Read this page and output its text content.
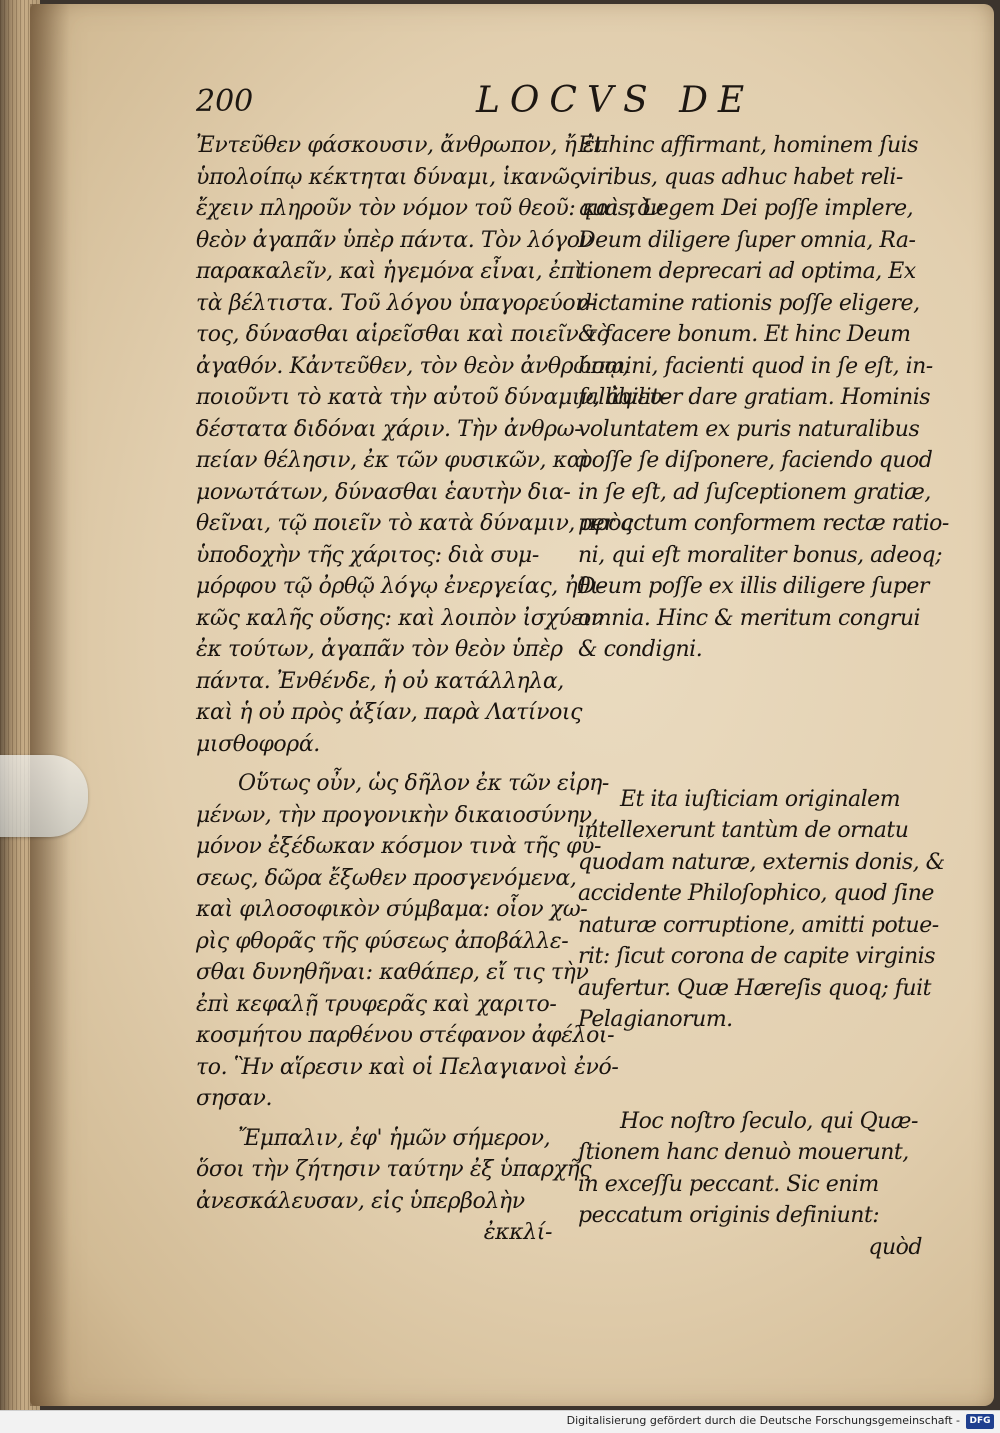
200	LOCVS DE
Ἐντεῦθεν φάσκουσιν, ἄνθρωπον, ἤ ἐπ
ὑπολοίπῳ κέκτηται δύναμι, ἱκανῶς
ἔχειν πληροῦν τὸν νόμον τοῦ θεοῦ: καὶ τὸν
θεὸν ἀγαπᾶν ὑπὲρ πάντα. Τὸν λόγον
παρακαλεῖν, καὶ ἡγεμόνα εἶναι, ἐπὶ
τὰ βέλτιστα. Τοῦ λόγου ὑπαγορεύον-
τος, δύνασθαι αἱρεῖσθαι καὶ ποιεῖν τὸ
ἀγαθόν. Κἀντεῦθεν, τὸν θεὸν ἀνθρώπῳ,
ποιοῦντι τὸ κατὰ τὴν αὐτοῦ δύναμιν, ἀψευ-
δέστατα διδόναι χάριν. Τὴν ἀνθρω-
πείαν θέλησιν, ἐκ τῶν φυσικῶν, καὶ
μονωτάτων, δύνασθαι ἑαυτὴν δια-
θεῖναι, τῷ ποιεῖν τὸ κατὰ δύναμιν, πρὸς
ὑποδοχὴν τῆς χάριτος: διὰ συμ-
μόρφου τῷ ὀρθῷ λόγῳ ἐνεργείας, ἠθι-
κῶς καλῆς οὔσης: καὶ λοιπὸν ἰσχύειν
ἐκ τούτων, ἀγαπᾶν τὸν θεὸν ὑπὲρ
πάντα. Ἐνθένδε, ἡ οὐ κατάλληλα,
καὶ ἡ οὐ πρὸς ἀξίαν, παρὰ Λατίνοις
μισθοφορά.
Οὕτως οὖν, ὡς δῆλον ἐκ τῶν εἰρη-
μένων, τὴν προγονικὴν δικαιοσύνην,
μόνον ἐξέδωκαν κόσμον τινὰ τῆς φύ-
σεως, δῶρα ἔξωθεν προσγενόμενα,
καὶ φιλοσοφικὸν σύμβαμα: οἷον χω-
ρὶς φθορᾶς τῆς φύσεως ἀποβάλλε-
σθαι δυνηθῆναι: καθάπερ, εἴ τις τὴν
ἐπὶ κεφαλῇ τρυφερᾶς καὶ χαριτο-
κοσμήτου παρθένου στέφανον ἀφέλοι-
το. Ἣν αἵρεσιν καὶ οἱ Πελαγιανοὶ ἐνό-
σησαν.
Ἔμπαλιν, ἐφ' ἡμῶν σήμερον,
ὅσοι τὴν ζήτησιν ταύτην ἐξ ὑπαρχῆς
ἀνεσκάλευσαν, εἰς ὑπερβολὴν
ἐκκλί-
Et hinc affirmant, hominem ſuis
viribus, quas adhuc habet reli-
quas, Legem Dei poſſe implere,
Deum diligere ſuper omnia, Ra-
tionem deprecari ad optima, Ex
dictamine rationis poſſe eligere,
& facere bonum. Et hinc Deum
homini, facienti quod in ſe eſt, in-
fallibiliter dare gratiam. Hominis
voluntatem ex puris naturalibus
poſſe ſe diſponere, faciendo quod
in ſe eſt, ad ſuſceptionem gratiæ,
per actum conformem rectæ ratio-
ni, qui eſt moraliter bonus, adeoq;
Deum poſſe ex illis diligere ſuper
omnia. Hinc & meritum congrui
& condigni.
Et ita iuſticiam originalem
intellexerunt tantùm de ornatu
quodam naturæ, externis donis, &
accidente Philoſophico, quod ſine
naturæ corruptione, amitti potue-
rit: ſicut corona de capite virginis
aufertur. Quæ Hæreſis quoq; fuit
Pelagianorum.
Hoc noſtro ſeculo, qui Quæ-
ſtionem hanc denuò mouerunt,
in exceſſu peccant. Sic enim
peccatum originis definiunt:
quòd
Digitalisierung gefördert durch die Deutsche Forschungsgemeinschaft -	DFG
